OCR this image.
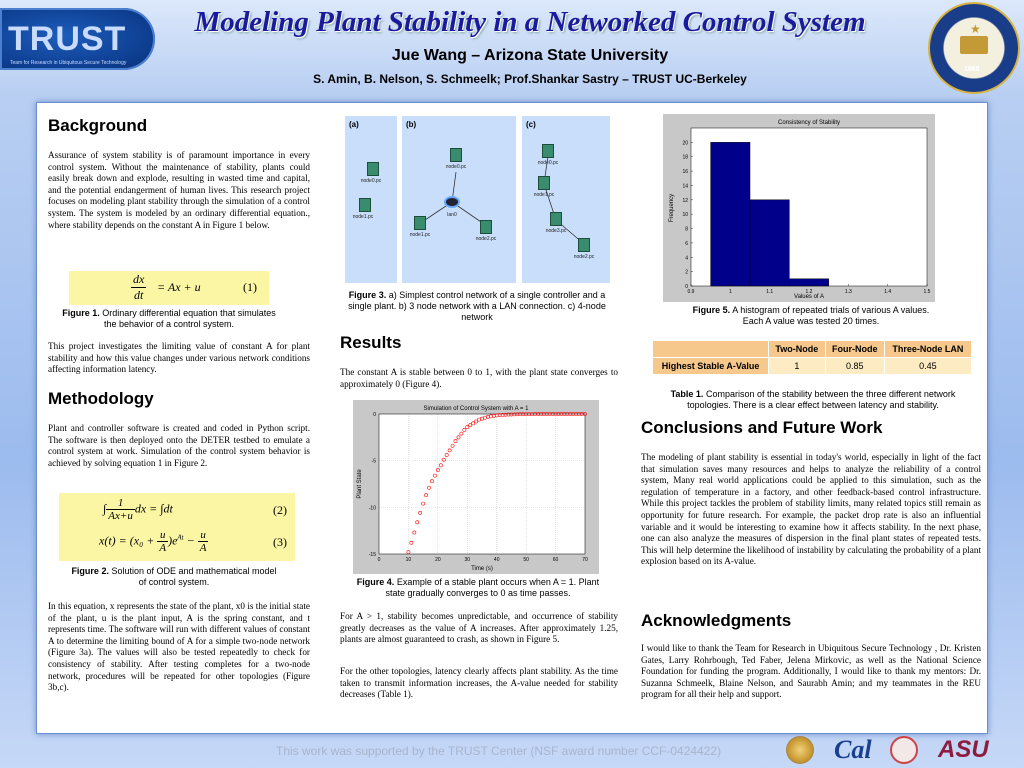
TRUST
Team for Research in Ubiquitous Secure Technology
Modeling Plant Stability in a Networked Control System
Jue Wang – Arizona State University
S. Amin, B. Nelson, S. Schmeelk; Prof.Shankar Sastry – TRUST UC-Berkeley
★
1868
Background
Assurance of system stability is of paramount importance in every control system. Without the maintenance of stability, plants could easily break down and explode, resulting in wasted time and capital, and the potential endangerment of human lives. This research project focuses on modeling plant stability through the simulation of a control system. The system is modeled by an ordinary differential equation., where stability depends on the constant A in Figure 1 below.
$\frac{dx}{dt} = Ax + u$	(1)
Figure 1. Ordinary differential equation that simulates the behavior of a control system.
This project investigates the limiting value of constant A for plant stability and how this value changes under various network conditions affecting information latency.
Methodology
Plant and controller software is created and coded in Python script. The software is then deployed onto the DETER testbed to emulate a control system at work. Simulation of the control system behavior is achieved by solving equation 1 in Figure 2.
∫ $\frac{1}{Ax+u}$ dx = ∫dt	(2)
$x(t) = (x_0 + \frac{u}{A} )e^{At} - \frac{u}{A}$	(3)
Figure 2. Solution of ODE and mathematical model of control system.
In this equation, x represents the state of the plant, x0 is the initial state of the plant, u is the plant input, A is the spring constant, and t represents time. The software will run with different values of constant A to determine the limiting bound of A for a simple two-node network (Figure 3a). The values will also be tested repeatedly to check for consistency of stability. After testing completes for a two-node network, procedures will be repeated for other topologies (Figure 3b,c).
(a)
node0.pc
node1.pc
(b)
node0.pc
lan0
node1.pc
node2.pc
(c)
node0.pc
node1.pc
node3.pc
node2.pc
Figure 3. a) Simplest control network of a single controller and a single plant. b) 3 node network with a LAN connection. c) 4-node network
Results
The constant A is stable between 0 to 1, with the plant state converges to approximately 0 (Figure 4).
Simulation of Control System with A = 1
0	10	20	30	40	50	60	70
0
-5
-10
-15
Time (s)
Plant State
Figure 4. Example of a stable plant occurs when A = 1. Plant state gradually converges to 0 as time passes.
For A > 1, stability becomes unpredictable, and occurrence of stability greatly decreases as the value of A increases. After approximately 1.25, plants are almost guaranteed to crash, as shown in Figure 5.
For the other topologies, latency clearly affects plant stability. As the time taken to transmit information increases, the A-value needed for stability decreases (Table 1).
Consistency of Stability
0.9	1	1.1	1.2	1.3	1.4	1.5
0
2
4
6
8
10
12
14
16
18
20
Values of A
Frequency
Figure 5. A histogram of repeated trials of various A values. Each A value was tested 20 times.
	Two-Node	Four-Node	Three-Node LAN
Highest Stable A-Value	1	0.85	0.45
Table 1. Comparison of the stability between the three different network topologies. There is a clear effect between latency and stability.
Conclusions and Future Work
The modeling of plant stability is essential in today's world, especially in light of the fact that simulation saves many resources and helps to analyze the reliability of a control system, Many real world applications could be applied to this simulation, such as the regulation of temperature in a factory, and other feedback-based control infrastructure. While this project tackles the problem of stability limits, many related topics still remain as opportunity for future research. For example, the packet drop rate is also an influential variable and it would be interesting to examine how it affects stability. In the next phase, one can also analyze the measures of dispersion in the final plant states of repeated tests. This will help determine the likelihood of instability by calculating the probability of a plant explosion based on its A-value.
Acknowledgments
I would like to thank the Team for Research in Ubiquitous Secure Technology , Dr. Kristen Gates, Larry Rohrbough, Ted Faber, Jelena Mirkovic, as well as the National Science Foundation for funding the program. Additionally, I would like to thank my mentors: Dr. Suzanna Schmeelk, Blaine Nelson, and Saurabh Amin; and my teammates in the REU program for all their help and support.
This work was supported by the TRUST Center (NSF award number CCF-0424422)	Cal	ASU
